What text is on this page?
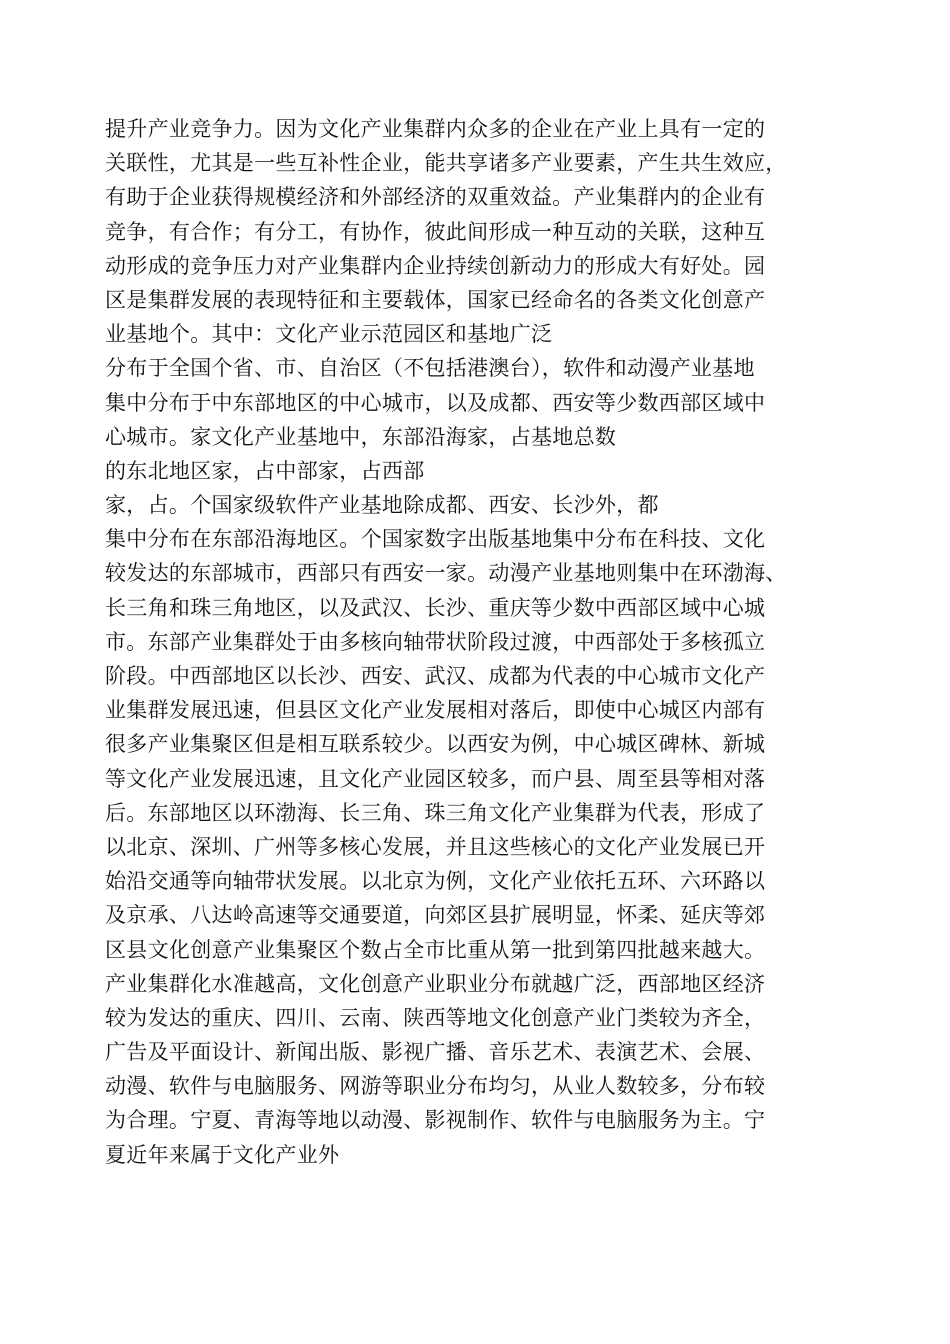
提升产业竞争力。因为文化产业集群内众多的企业在产业上具有一定的
关联性，尤其是一些互补性企业，能共享诸多产业要素，产生共生效应，
有助于企业获得规模经济和外部经济的双重效益。产业集群内的企业有
竞争，有合作；有分工，有协作，彼此间形成一种互动的关联，这种互
动形成的竞争压力对产业集群内企业持续创新动力的形成大有好处。园
区是集群发展的表现特征和主要载体，国家已经命名的各类文化创意产
业基地个。其中：文化产业示范园区和基地广泛
分布于全国个省、市、自治区（不包括港澳台），软件和动漫产业基地
集中分布于中东部地区的中心城市，以及成都、西安等少数西部区域中
心城市。家文化产业基地中，东部沿海家，占基地总数
的东北地区家，占中部家，占西部
家，占。个国家级软件产业基地除成都、西安、长沙外，都
集中分布在东部沿海地区。个国家数字出版基地集中分布在科技、文化
较发达的东部城市，西部只有西安一家。动漫产业基地则集中在环渤海、
长三角和珠三角地区，以及武汉、长沙、重庆等少数中西部区域中心城
市。东部产业集群处于由多核向轴带状阶段过渡，中西部处于多核孤立
阶段。中西部地区以长沙、西安、武汉、成都为代表的中心城市文化产
业集群发展迅速，但县区文化产业发展相对落后，即使中心城区内部有
很多产业集聚区但是相互联系较少。以西安为例，中心城区碑林、新城
等文化产业发展迅速，且文化产业园区较多，而户县、周至县等相对落
后。东部地区以环渤海、长三角、珠三角文化产业集群为代表，形成了
以北京、深圳、广州等多核心发展，并且这些核心的文化产业发展已开
始沿交通等向轴带状发展。以北京为例，文化产业依托五环、六环路以
及京承、八达岭高速等交通要道，向郊区县扩展明显，怀柔、延庆等郊
区县文化创意产业集聚区个数占全市比重从第一批到第四批越来越大。
产业集群化水准越高，文化创意产业职业分布就越广泛，西部地区经济
较为发达的重庆、四川、云南、陕西等地文化创意产业门类较为齐全，
广告及平面设计、新闻出版、影视广播、音乐艺术、表演艺术、会展、
动漫、软件与电脑服务、网游等职业分布均匀，从业人数较多，分布较
为合理。宁夏、青海等地以动漫、影视制作、软件与电脑服务为主。宁
夏近年来属于文化产业外
